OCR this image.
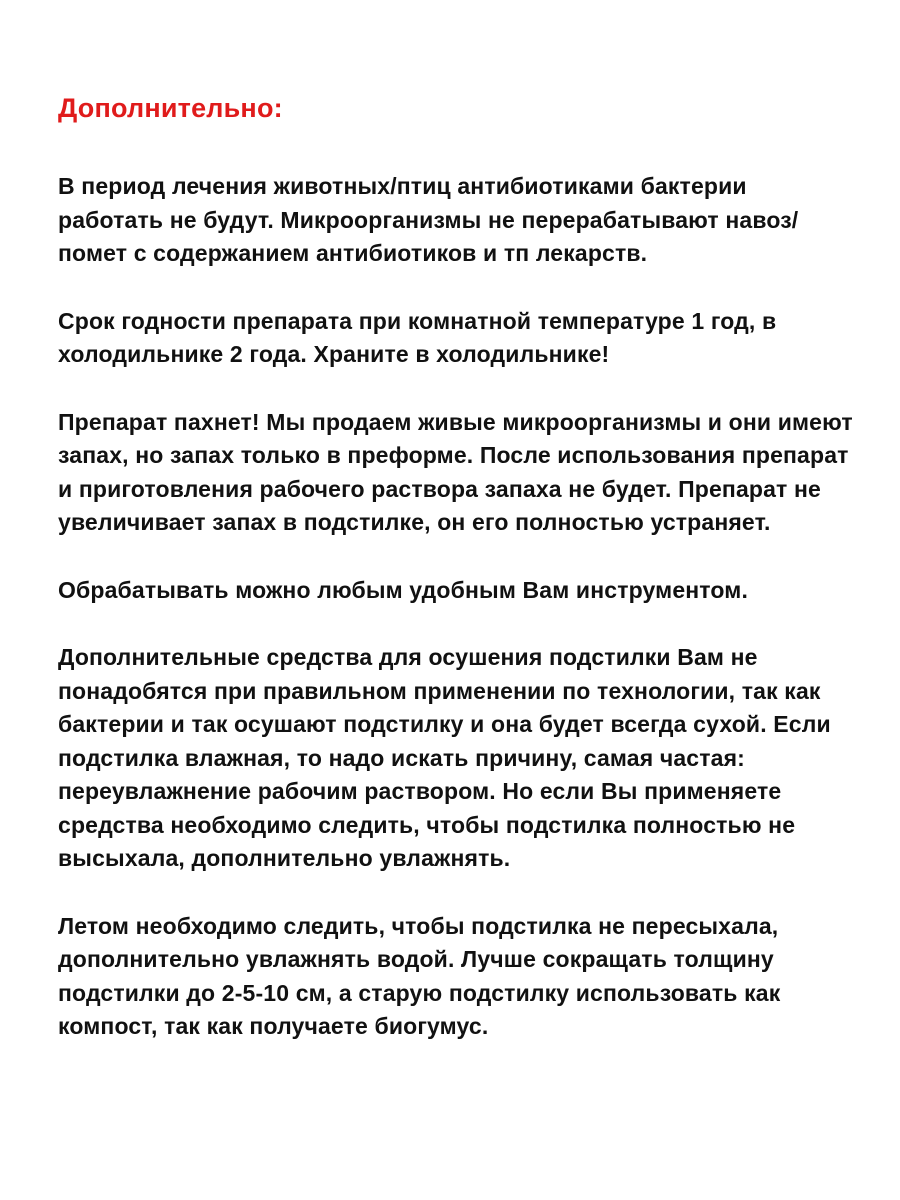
Дополнительно:

В период лечения животных/птиц антибиотиками бактерии работать не будут. Микроорганизмы не перерабатывают навоз/помет с содержанием антибиотиков и тп лекарств.

Срок годности препарата при комнатной температуре 1 год, в холодильнике 2 года. Храните в холодильнике!

Препарат пахнет! Мы продаем живые микроорганизмы и они имеют запах, но запах только в преформе. После использования препарат и приготовления рабочего раствора запаха не будет. Препарат не увеличивает запах в подстилке, он его полностью устраняет.

Обрабатывать можно любым удобным Вам инструментом.

Дополнительные средства для осушения подстилки Вам не понадобятся при правильном применении по технологии, так как бактерии и так осушают подстилку и она будет всегда сухой. Если подстилка влажная, то надо искать причину, самая частая: переувлажнение рабочим раствором. Но если Вы применяете средства необходимо следить, чтобы подстилка полностью не высыхала, дополнительно увлажнять.

Летом необходимо следить, чтобы подстилка не пересыхала, дополнительно увлажнять водой. Лучше сокращать толщину подстилки до 2-5-10 см, а старую подстилку использовать как компост, так как получаете биогумус.
